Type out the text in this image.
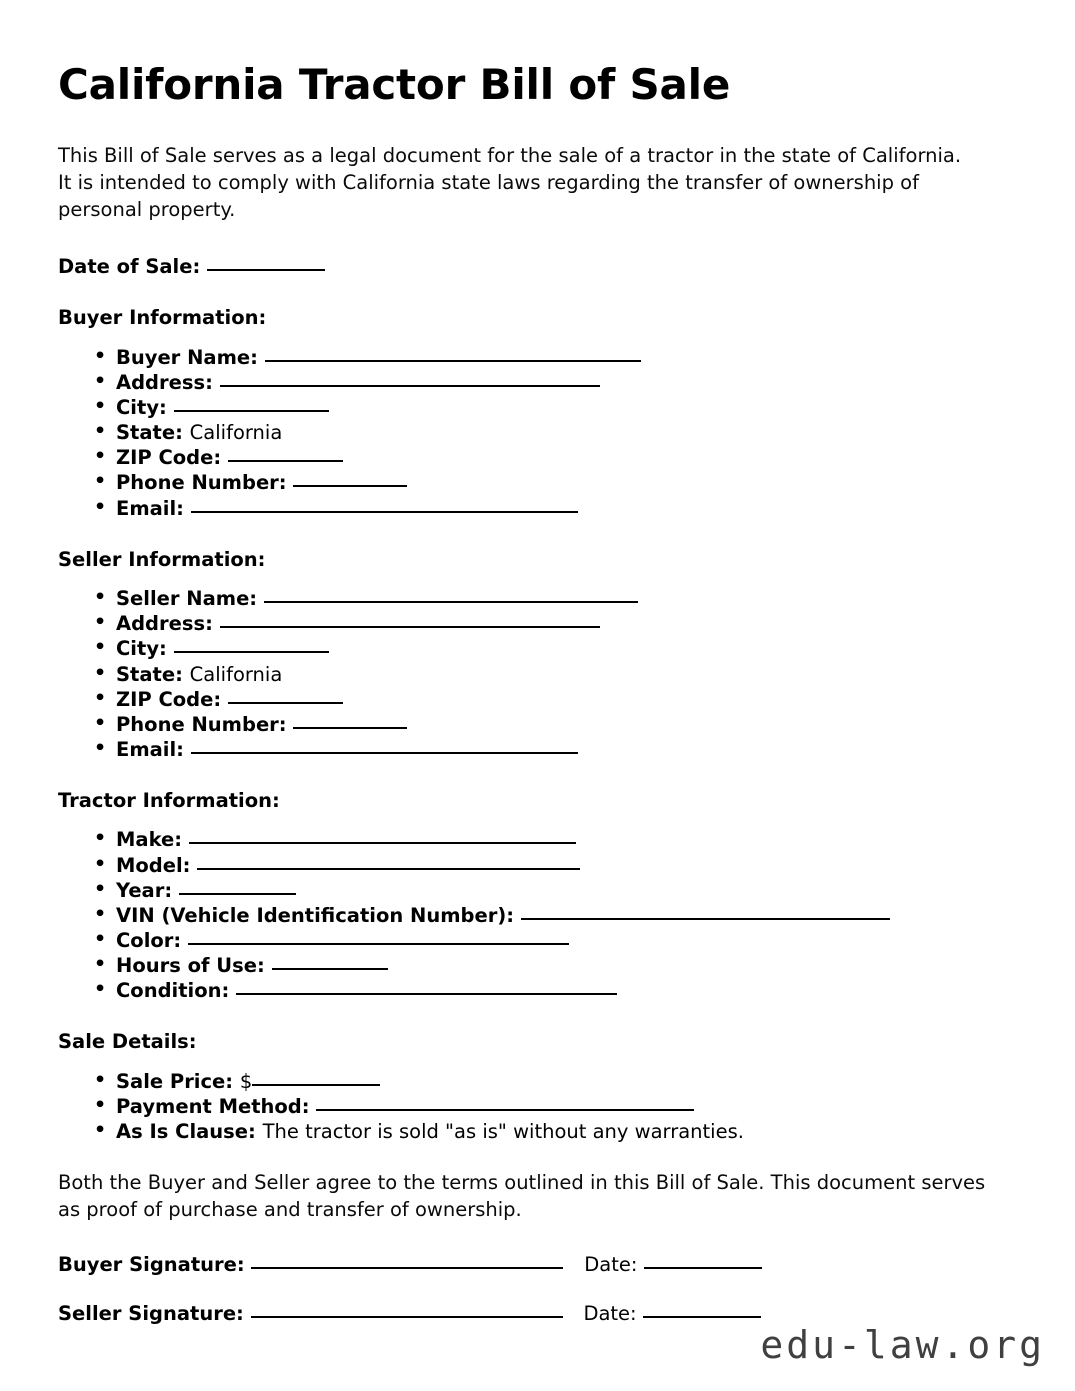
California Tractor Bill of Sale

This Bill of Sale serves as a legal document for the sale of a tractor in the state of California. It is intended to comply with California state laws regarding the transfer of ownership of personal property.

Date of Sale:

Buyer Information:
• Buyer Name:
• Address:
• City:
• State: California
• ZIP Code:
• Phone Number:
• Email:
Seller Information:
• Seller Name:
• Address:
• City:
• State: California
• ZIP Code:
• Phone Number:
• Email:
Tractor Information:
• Make:
• Model:
• Year:
• VIN (Vehicle Identification Number):
• Color:
• Hours of Use:
• Condition:
Sale Details:
• Sale Price: $
• Payment Method:
• As Is Clause: The tractor is sold "as is" without any warranties.

Both the Buyer and Seller agree to the terms outlined in this Bill of Sale. This document serves as proof of purchase and transfer of ownership.

Buyer Signature:	Date:
Seller Signature:	Date:
edu-law.org
